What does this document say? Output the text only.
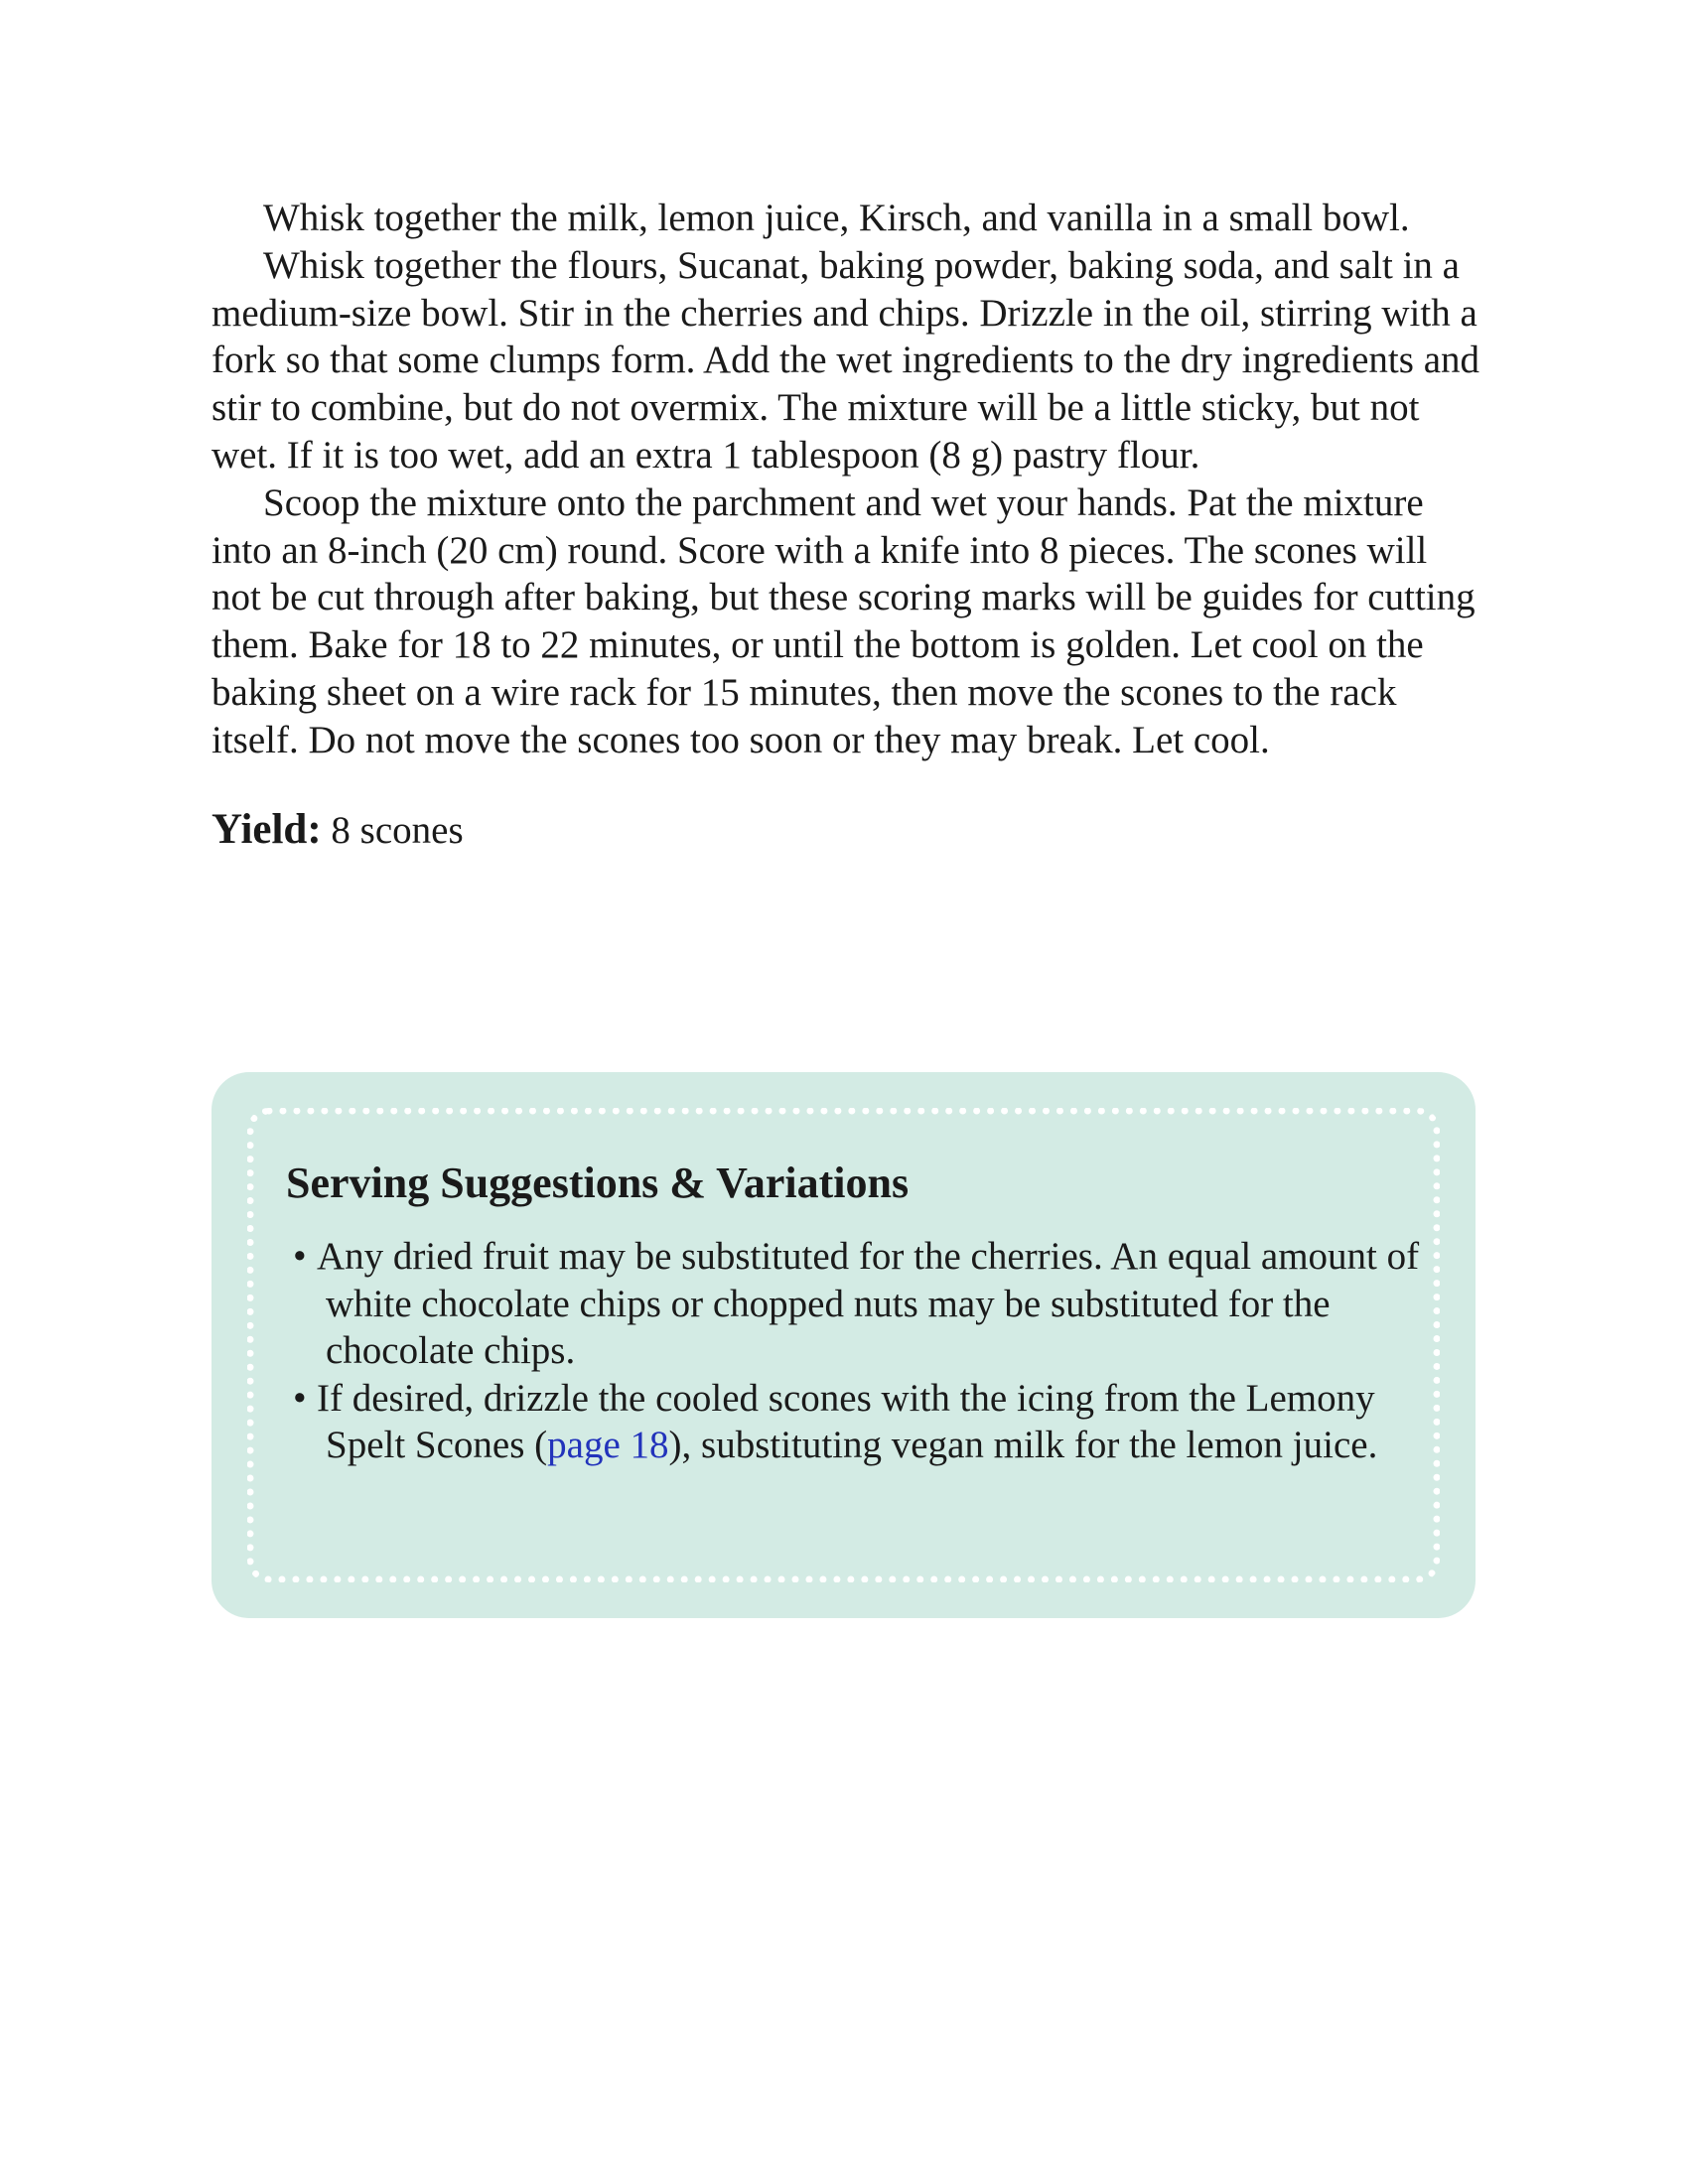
Whisk together the milk, lemon juice, Kirsch, and vanilla in a small bowl.

Whisk together the flours, Sucanat, baking powder, baking soda, and salt in a medium-size bowl. Stir in the cherries and chips. Drizzle in the oil, stirring with a fork so that some clumps form. Add the wet ingredients to the dry ingredients and stir to combine, but do not overmix. The mixture will be a little sticky, but not wet. If it is too wet, add an extra 1 tablespoon (8 g) pastry flour.

Scoop the mixture onto the parchment and wet your hands. Pat the mixture into an 8-inch (20 cm) round. Score with a knife into 8 pieces. The scones will not be cut through after baking, but these scoring marks will be guides for cutting them. Bake for 18 to 22 minutes, or until the bottom is golden. Let cool on the baking sheet on a wire rack for 15 minutes, then move the scones to the rack itself. Do not move the scones too soon or they may break. Let cool.

Yield: 8 scones

Serving Suggestions & Variations
• Any dried fruit may be substituted for the cherries. An equal amount of white chocolate chips or chopped nuts may be substituted for the chocolate chips.
• If desired, drizzle the cooled scones with the icing from the Lemony Spelt Scones (page 18), substituting vegan milk for the lemon juice.
